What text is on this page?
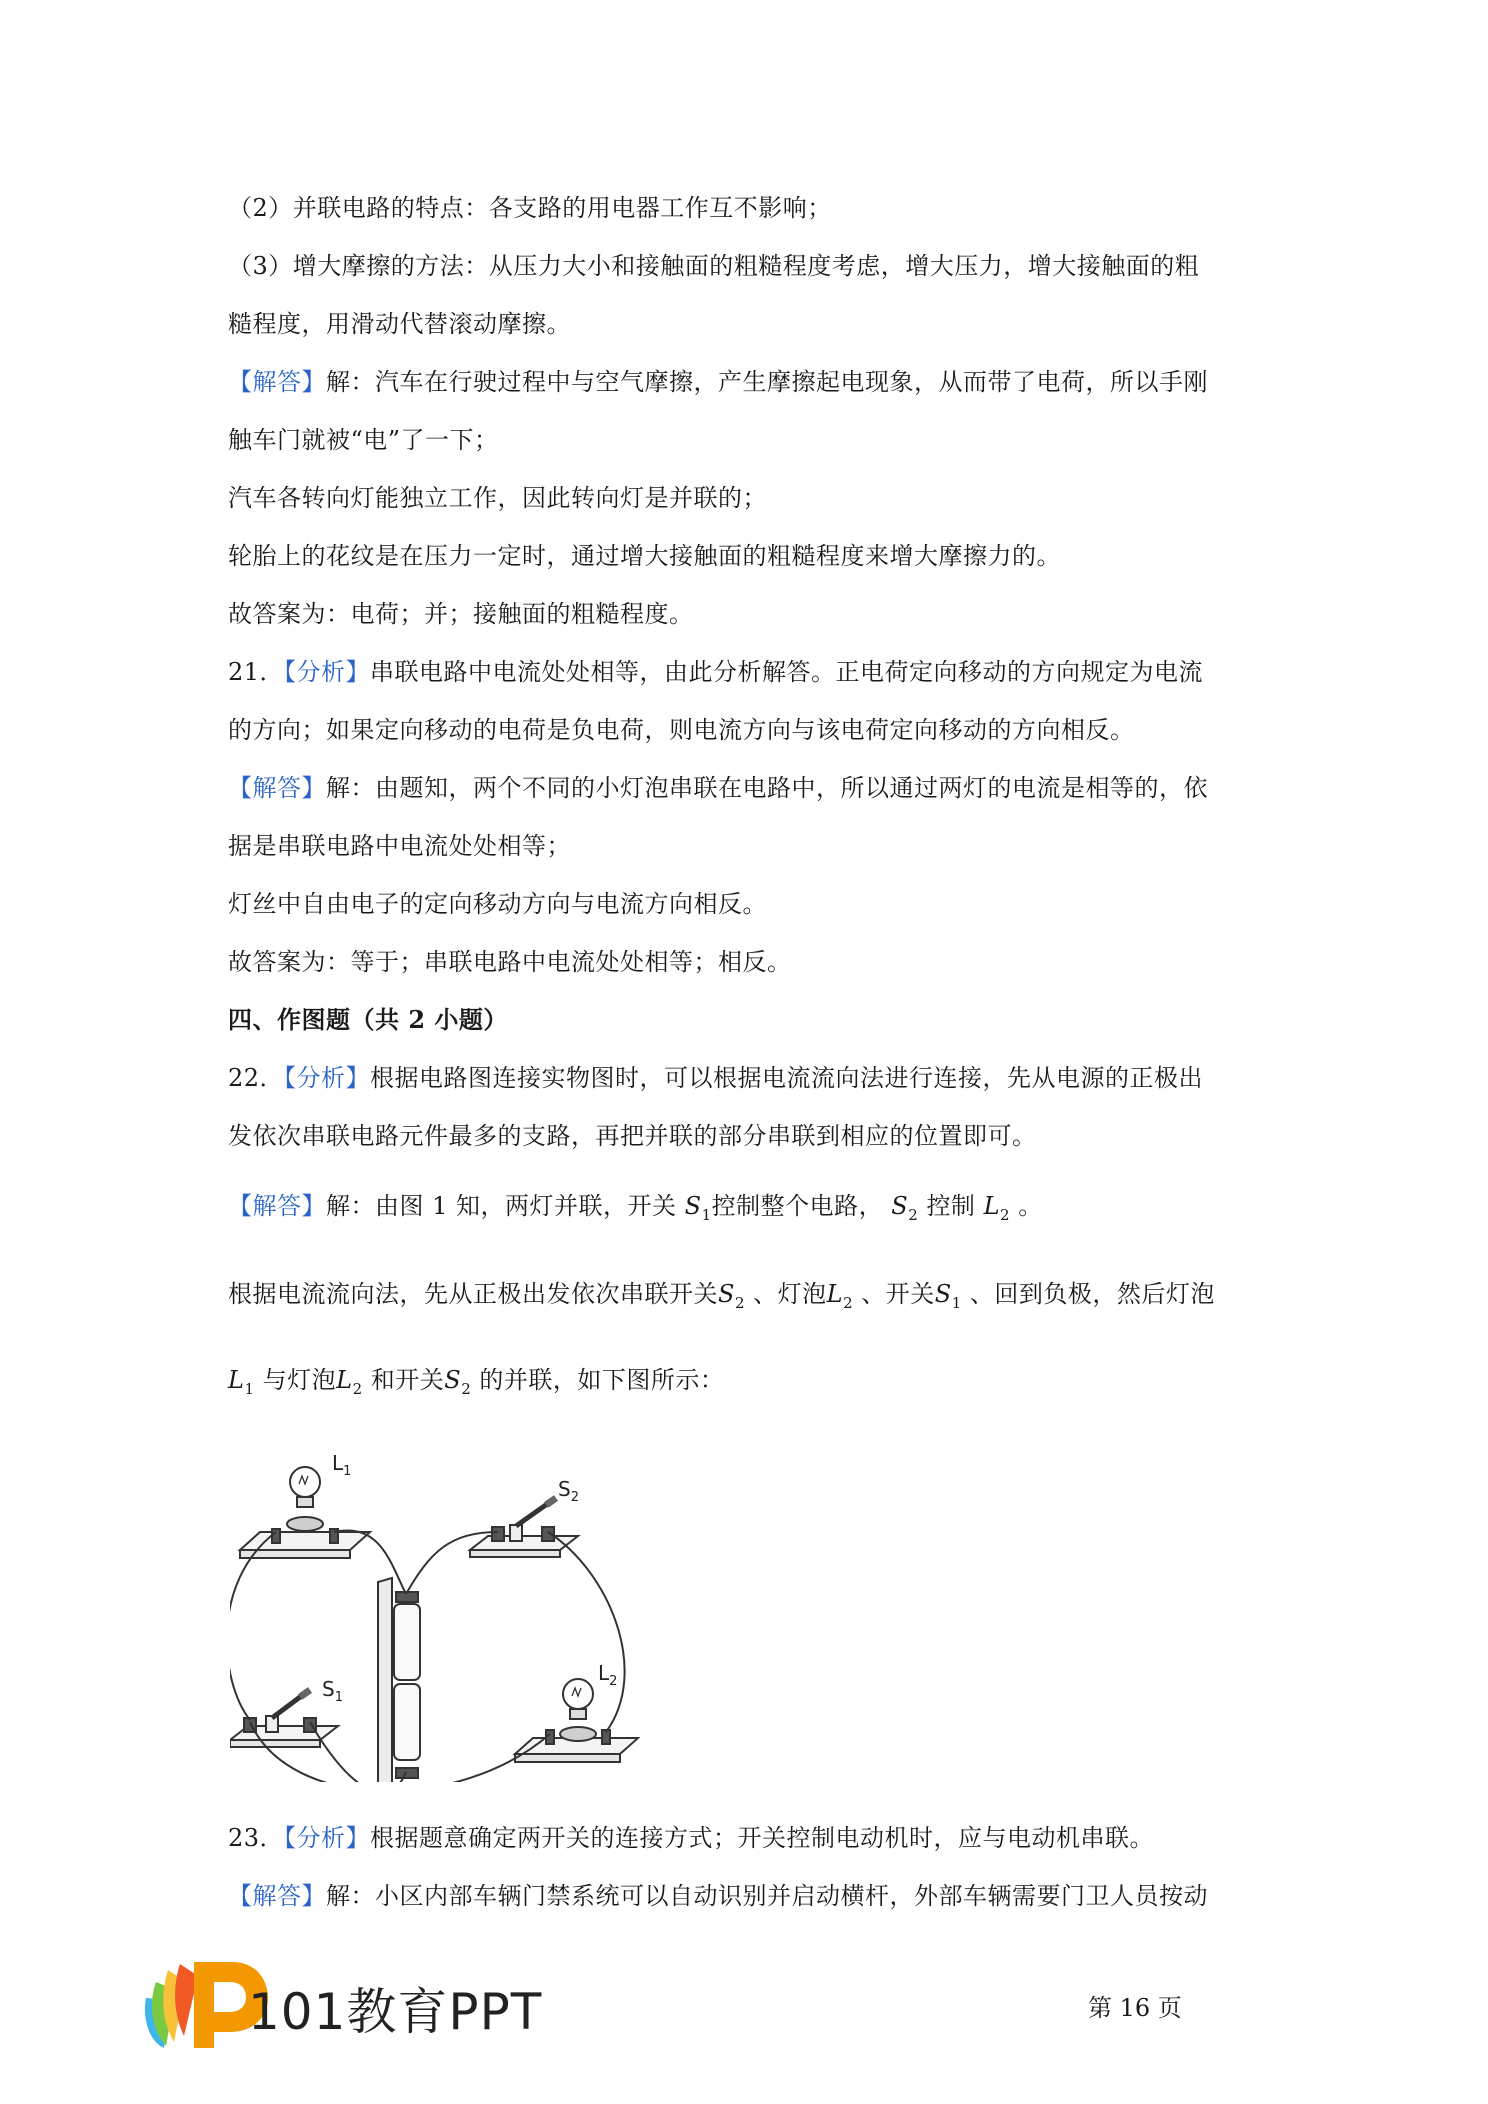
（2）并联电路的特点：各支路的用电器工作互不影响；
（3）增大摩擦的方法：从压力大小和接触面的粗糙程度考虑，增大压力，增大接触面的粗
糙程度，用滑动代替滚动摩擦。
【解答】解：汽车在行驶过程中与空气摩擦，产生摩擦起电现象，从而带了电荷，所以手刚
触车门就被“电”了一下；
汽车各转向灯能独立工作，因此转向灯是并联的；
轮胎上的花纹是在压力一定时，通过增大接触面的粗糙程度来增大摩擦力的。
故答案为：电荷；并；接触面的粗糙程度。
21．【分析】串联电路中电流处处相等，由此分析解答。正电荷定向移动的方向规定为电流
的方向；如果定向移动的电荷是负电荷，则电流方向与该电荷定向移动的方向相反。
【解答】解：由题知，两个不同的小灯泡串联在电路中，所以通过两灯的电流是相等的，依
据是串联电路中电流处处相等；
灯丝中自由电子的定向移动方向与电流方向相反。
故答案为：等于；串联电路中电流处处相等；相反。
四、作图题（共 2 小题）
22．【分析】根据电路图连接实物图时，可以根据电流流向法进行连接，先从电源的正极出
发依次串联电路元件最多的支路，再把并联的部分串联到相应的位置即可。
【解答】解：由图 1 知，两灯并联，开关 $S_1$控制整个电路， $S_2$ 控制 $L_2$ 。
根据电流流向法，先从正极出发依次串联开关$S_2$ 、灯泡$L_2$ 、开关$S_1$ 、回到负极，然后灯泡
$L_1$ 与灯泡$L_2$ 和开关$S_2$ 的并联，如下图所示：
$L_1$
$S_2$
$S_1$
$L_2$
23．【分析】根据题意确定两开关的连接方式；开关控制电动机时，应与电动机串联。
【解答】解：小区内部车辆门禁系统可以自动识别并启动横杆，外部车辆需要门卫人员按动
101教育PPT	第 16 页
